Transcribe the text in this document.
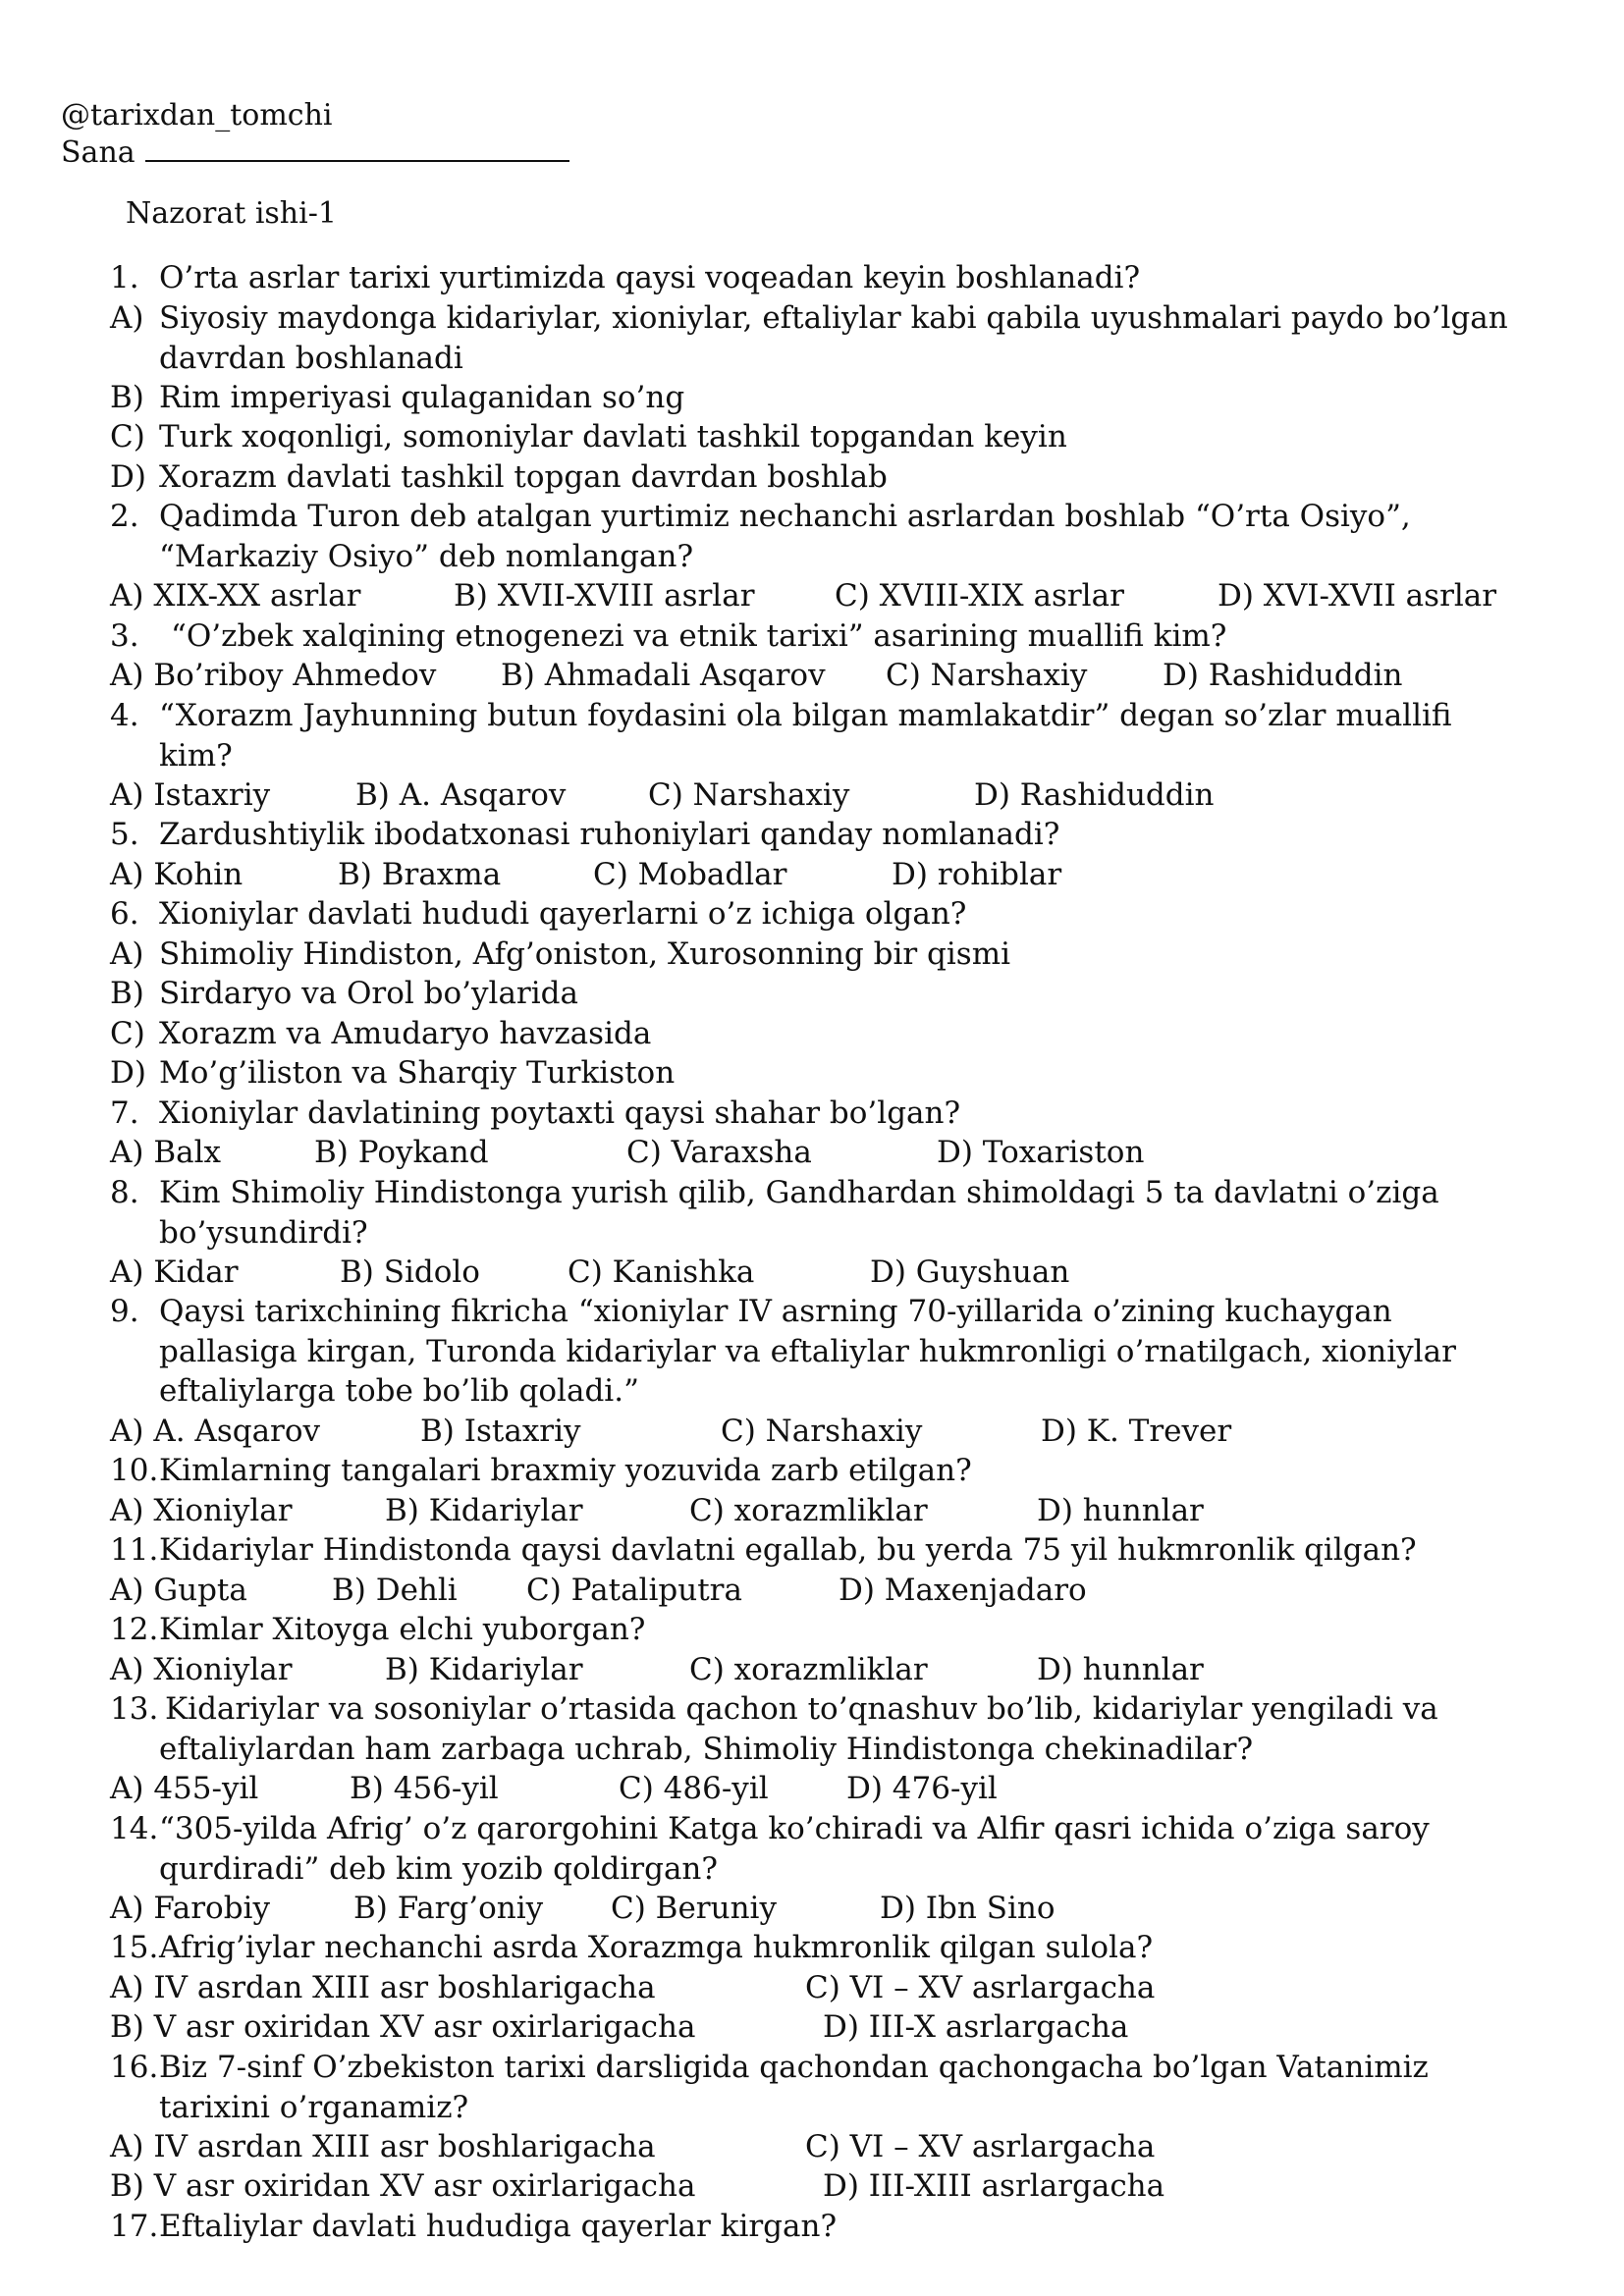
@tarixdan_tomchi
Sana
Nazorat ishi-1
1. O’rta asrlar tarixi yurtimizda qaysi voqeadan keyin boshlanadi?
A) Siyosiy maydonga kidariylar, xioniylar, eftaliylar kabi qabila uyushmalari paydo bo’lgan davrdan boshlanadi
B) Rim imperiyasi qulaganidan so’ng
C) Turk xoqonligi, somoniylar davlati tashkil topgandan keyin
D) Xorazm davlati tashkil topgan davrdan boshlab
2. Qadimda Turon deb atalgan yurtimiz nechanchi asrlardan boshlab “O’rta Osiyo”, “Markaziy Osiyo” deb nomlangan?
A) XIX-XX asrlar	B) XVII-XVIII asrlar	C) XVIII-XIX asrlar	D) XVI-XVII asrlar
3. “O’zbek xalqining etnogenezi va etnik tarixi” asarining muallifi kim?
A) Bo’riboy Ahmedov B) Ahmadali Asqarov C) Narshaxiy D) Rashiduddin
4. “Xorazm Jayhunning butun foydasini ola bilgan mamlakatdir” degan so’zlar muallifi kim?
A) Istaxriy	B) A. Asqarov	C) Narshaxiy	D) Rashiduddin
5. Zardushtiylik ibodatxonasi ruhoniylari qanday nomlanadi?
A) Kohin	B) Braxma	C) Mobadlar	D) rohiblar
6. Xioniylar davlati hududi qayerlarni o’z ichiga olgan?
A) Shimoliy Hindiston, Afg’oniston, Xurosonning bir qismi
B) Sirdaryo va Orol bo’ylarida
C) Xorazm va Amudaryo havzasida
D) Mo’g’iliston va Sharqiy Turkiston
7. Xioniylar davlatining poytaxti qaysi shahar bo’lgan?
A) Balx	B) Poykand	C) Varaxsha	D) Toxariston
8. Kim Shimoliy Hindistonga yurish qilib, Gandhardan shimoldagi 5 ta davlatni o’ziga bo’ysundirdi?
A) Kidar	B) Sidolo	C) Kanishka	D) Guyshuan
9. Qaysi tarixchining fikricha “xioniylar IV asrning 70-yillarida o’zining kuchaygan pallasiga kirgan, Turonda kidariylar va eftaliylar hukmronligi o’rnatilgach, xioniylar eftaliylarga tobe bo’lib qoladi.”
A) A. Asqarov	B) Istaxriy	C) Narshaxiy	D) K. Trever
10. Kimlarning tangalari braxmiy yozuvida zarb etilgan?
A) Xioniylar	B) Kidariylar	C) xorazmliklar	D) hunnlar
11. Kidariylar Hindistonda qaysi davlatni egallab, bu yerda 75 yil hukmronlik qilgan?
A) Gupta	B) Dehli C) Pataliputra	D) Maxenjadaro
12. Kimlar Xitoyga elchi yuborgan?
A) Xioniylar	B) Kidariylar	C) xorazmliklar	D) hunnlar
13. Kidariylar va sosoniylar o’rtasida qachon to’qnashuv bo’lib, kidariylar yengiladi va eftaliylardan ham zarbaga uchrab, Shimoliy Hindistonga chekinadilar?
A) 455-yil	B) 456-yil	C) 486-yil	D) 476-yil
14. “305-yilda Afrig’ o’z qarorgohini Katga ko’chiradi va Alfir qasri ichida o’ziga saroy qurdiradi” deb kim yozib qoldirgan?
A) Farobiy	B) Farg’oniy C) Beruniy	D) Ibn Sino
15. Afrig’iylar nechanchi asrda Xorazmga hukmronlik qilgan sulola?
A) IV asrdan XIII asr boshlarigacha	C) VI – XV asrlargacha
B) V asr oxiridan XV asr oxirlarigacha	D) III-X asrlargacha
16. Biz 7-sinf O’zbekiston tarixi darsligida qachondan qachongacha bo’lgan Vatanimiz tarixini o’rganamiz?
A) IV asrdan XIII asr boshlarigacha	C) VI – XV asrlargacha
B) V asr oxiridan XV asr oxirlarigacha	D) III-XIII asrlargacha
17. Eftaliylar davlati hududiga qayerlar kirgan?
